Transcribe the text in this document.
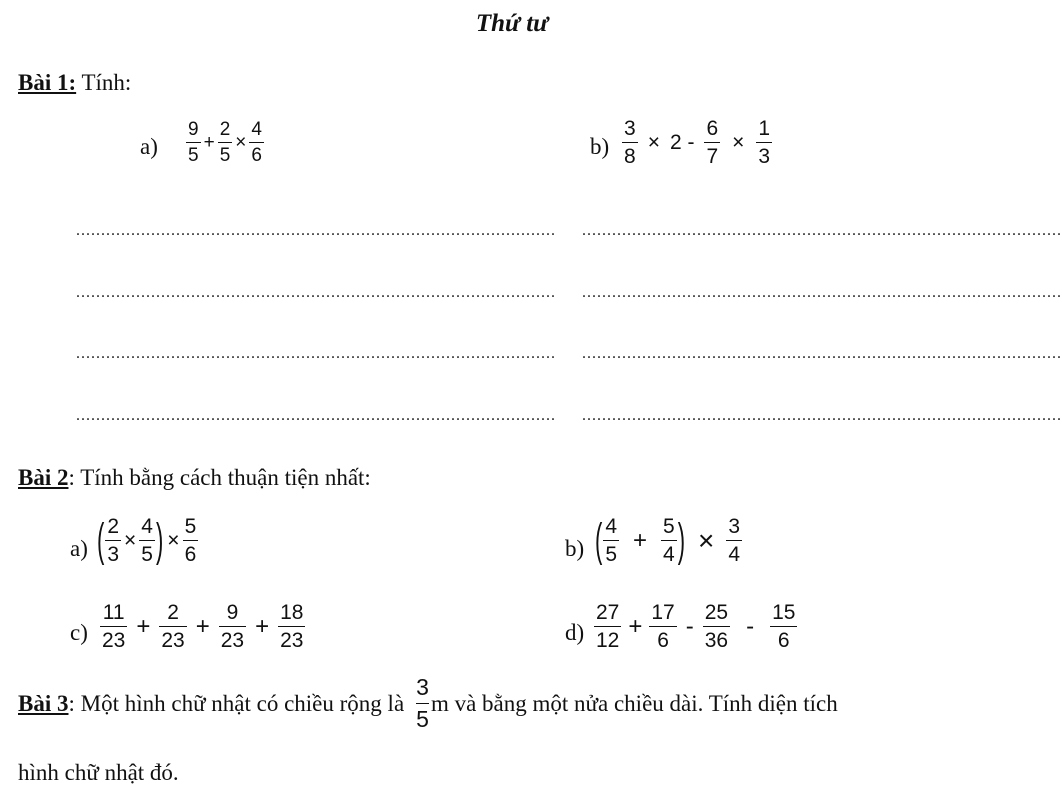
Thứ tư
Bài 1: Tính:
$a) \frac{9}{5} + \frac{2}{5} \times \frac{4}{6}$	$b) \frac{3}{8} \times 2 - \frac{6}{7} \times \frac{1}{3}$
................................................................................................ ................................................................................................
................................................................................................ ................................................................................................
................................................................................................ ................................................................................................
................................................................................................ ................................................................................................
Bài 2: Tính bằng cách thuận tiện nhất:
a) ( $\frac{2}{3} \times \frac{4}{5}$ ) × $\frac{5}{6}$	b) ( $\frac{4}{5} + \frac{5}{4}$ ) × $\frac{3}{4}$
$c) \frac{11}{23} + \frac{2}{23} + \frac{9}{23} + \frac{18}{23}$	$d) \frac{27}{12} + \frac{17}{6} - \frac{25}{36} - \frac{15}{6}$
Bài 3: Một hình chữ nhật có chiều rộng là $\frac{3}{5}$ m và bằng một nửa chiều dài. Tính diện tích
hình chữ nhật đó.
